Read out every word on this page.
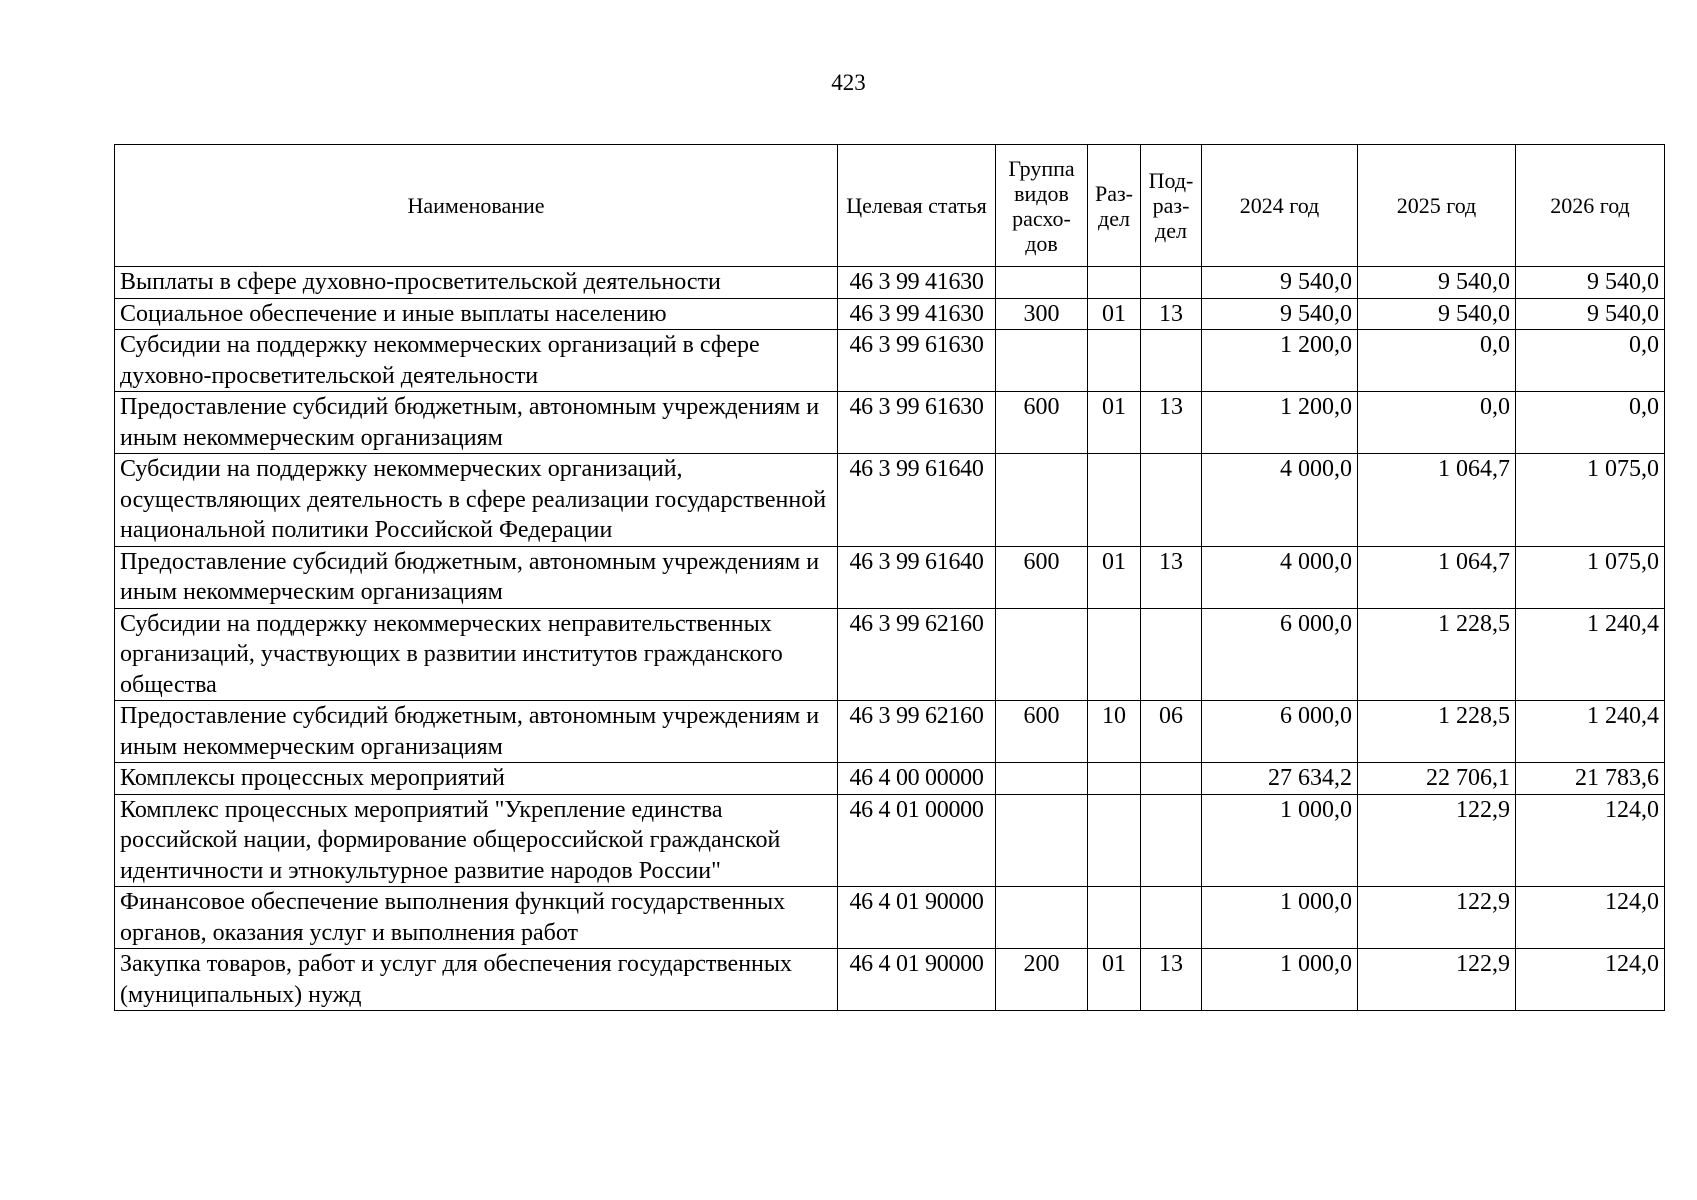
423
Наименование	Целевая статья	Группа видов расхо-дов	Раз-дел	Под-раз-дел	2024 год	2025 год	2026 год
Выплаты в сфере духовно-просветительской деятельности	46 3 99 41630				9 540,0	9 540,0	9 540,0
Социальное обеспечение и иные выплаты населению	46 3 99 41630	300	01	13	9 540,0	9 540,0	9 540,0
Субсидии на поддержку некоммерческих организаций в сфере духовно-просветительской деятельности	46 3 99 61630				1 200,0	0,0	0,0
Предоставление субсидий бюджетным, автономным учреждениям и иным некоммерческим организациям	46 3 99 61630	600	01	13	1 200,0	0,0	0,0
Субсидии на поддержку некоммерческих организаций, осуществляющих деятельность в сфере реализации государственной национальной политики Российской Федерации	46 3 99 61640				4 000,0	1 064,7	1 075,0
Предоставление субсидий бюджетным, автономным учреждениям и иным некоммерческим организациям	46 3 99 61640	600	01	13	4 000,0	1 064,7	1 075,0
Субсидии на поддержку некоммерческих неправительственных организаций, участвующих в развитии институтов гражданского общества	46 3 99 62160				6 000,0	1 228,5	1 240,4
Предоставление субсидий бюджетным, автономным учреждениям и иным некоммерческим организациям	46 3 99 62160	600	10	06	6 000,0	1 228,5	1 240,4
Комплексы процессных мероприятий	46 4 00 00000				27 634,2	22 706,1	21 783,6
Комплекс процессных мероприятий "Укрепление единства российской нации, формирование общероссийской гражданской идентичности и этнокультурное развитие народов России"	46 4 01 00000				1 000,0	122,9	124,0
Финансовое обеспечение выполнения функций государственных органов, оказания услуг и выполнения работ	46 4 01 90000				1 000,0	122,9	124,0
Закупка товаров, работ и услуг для обеспечения государственных (муниципальных) нужд	46 4 01 90000	200	01	13	1 000,0	122,9	124,0
